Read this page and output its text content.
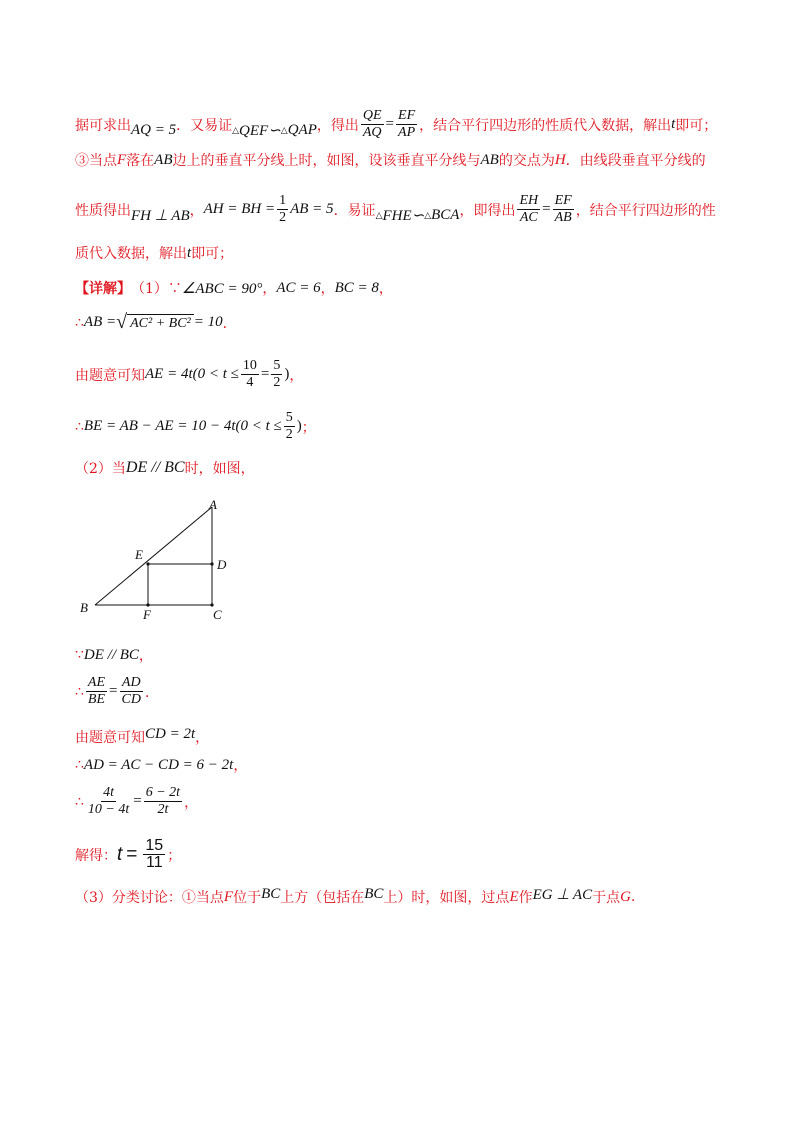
据可求出 AQ = 5 ．又易证 △ QEF∽ △ QAP ，得出 $\frac{QE}{AQ} = \frac{EF}{AP}$ ，结合平行四边形的性质代入数据，解出 t 即可；
③当点 F 落在 AB 边上的垂直平分线上时，如图，设该垂直平分线与 AB 的交点为 H ．由线段垂直平分线的
性质得出 FH ⊥ AB ， AH = BH = $\frac{1}{2}$ AB = 5 ．易证 △ FHE∽ △ BCA ，即得出 $\frac{EH}{AC} = \frac{EF}{AB}$ ，结合平行四边形的性
质代入数据，解出 t 即可；
【详解】 （1）∵ ∠ABC = 90° ， AC = 6 ， BC = 8 ，
∴ AB = √ AC² + BC² = 10 ．
由题意可知 AE = $4t(0 < t \le \frac{10}{4} = \frac{5}{2}$ ) ，
∴ BE = AB − AE = $10 - 4t(0 < t \le \frac{5}{2}$ ) ；
（2）当 DE // BC 时，如图，
A
B	C
D
E
F
∵ DE // BC ，
∴ $\frac{AE}{BE} = \frac{AD}{CD}$ ．
由题意可知 CD = 2t ，
∴ AD = AC − CD = 6 − 2t ，
∴ $\frac{4t}{10 - 4t} = \frac{6 - 2t}{2t}$ ，
解得： $t = \frac{15}{11}$ ；
（3）分类讨论：①当点 F 位于 BC 上方（包括在 BC 上）时，如图，过点 E 作 EG ⊥ AC 于点 G .
